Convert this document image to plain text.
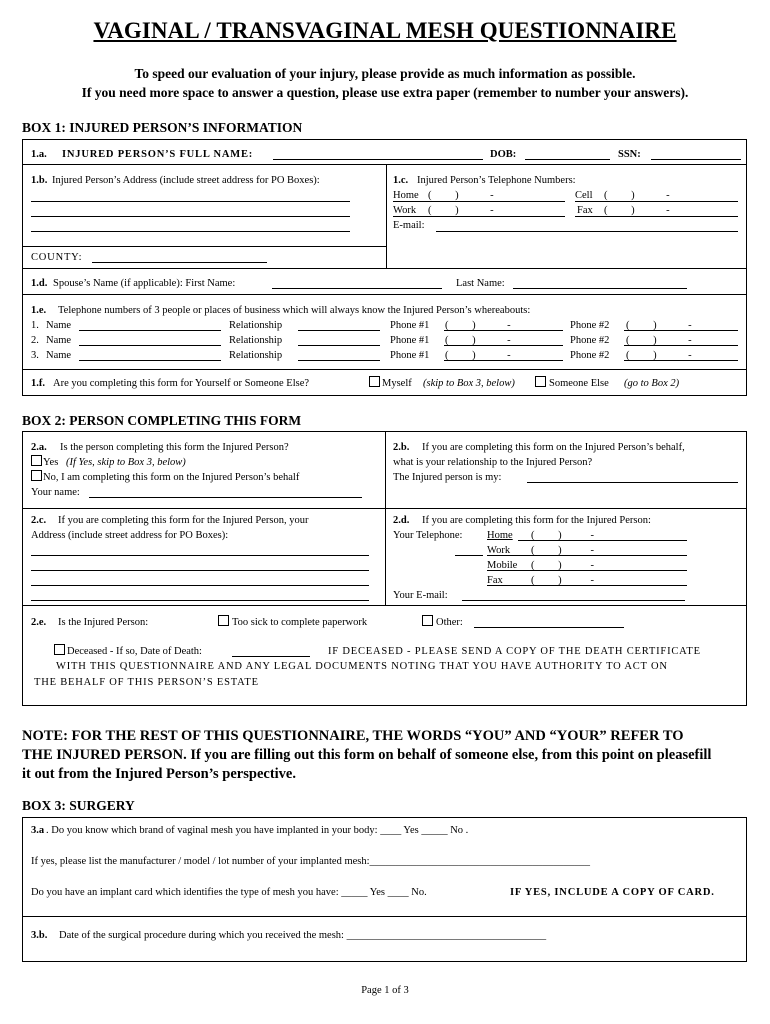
VAGINAL / TRANSVAGINAL MESH QUESTIONNAIRE
To speed our evaluation of your injury, please provide as much information as possible.
If you need more space to answer a question, please use extra paper (remember to number your answers).
BOX 1: INJURED PERSON’S INFORMATION
1.a. INJURED PERSON’S FULL NAME:	DOB:	SSN:
1.b. Injured Person’s Address (include street address for PO Boxes):
COUNTY:
1.c. Injured Person’s Telephone Numbers:
Home (         )            -	Cell (         )            -
Work (         )            -	Fax (         )            -
E-mail:
1.d. Spouse’s Name (if applicable): First Name:	Last Name:
1.e. Telephone numbers of 3 people or places of business which will always know the Injured Person’s whereabouts:
1. Name	Relationship	Phone #1 (         )            -	Phone #2 (         )            -
2. Name	Relationship	Phone #1 (         )            -	Phone #2 (         )            -
3. Name	Relationship	Phone #1 (         )            -	Phone #2 (         )            -
1.f. Are you completing this form for Yourself or Someone Else?	Myself (skip to Box 3, below)	Someone Else (go to Box 2)
BOX 2: PERSON COMPLETING THIS FORM
2.a. Is the person completing this form the Injured Person?
Yes (If Yes, skip to Box 3, below)
No, I am completing this form on the Injured Person’s behalf
Your name:
2.b. If you are completing this form on the Injured Person’s behalf,
what is your relationship to the Injured Person?
The Injured person is my:
2.c. If you are completing this form for the Injured Person, your
Address (include street address for PO Boxes):
2.d. If you are completing this form for the Injured Person:
Your Telephone: Home (         )           -
Work (         )           -
Mobile (         )           -
Fax	(         )           -
Your E-mail:
2.e. Is the Injured Person:	Too sick to complete paperwork	Other:
Deceased - If so, Date of Death:	IF DECEASED - PLEASE SEND A COPY OF THE DEATH CERTIFICATE
WITH THIS QUESTIONNAIRE AND ANY LEGAL DOCUMENTS NOTING THAT YOU HAVE AUTHORITY TO ACT ON
THE BEHALF OF THIS PERSON’S ESTATE
NOTE: FOR THE REST OF THIS QUESTIONNAIRE, THE WORDS “YOU” AND “YOUR” REFER TO
THE INJURED PERSON. If you are filling out this form on behalf of someone else, from this point on pleasefill
it out from the Injured Person’s perspective.
BOX 3: SURGERY
3.a . Do you know which brand of vaginal mesh you have implanted in your body: ____ Yes _____ No .
If yes, please list the manufacturer / model / lot number of your implanted mesh:__________________________________________
Do you have an implant card which identifies the type of mesh you have: _____ Yes ____ No.	IF YES, INCLUDE A COPY OF CARD.
3.b. Date of the surgical procedure during which you received the mesh: ______________________________________
Page 1 of 3
